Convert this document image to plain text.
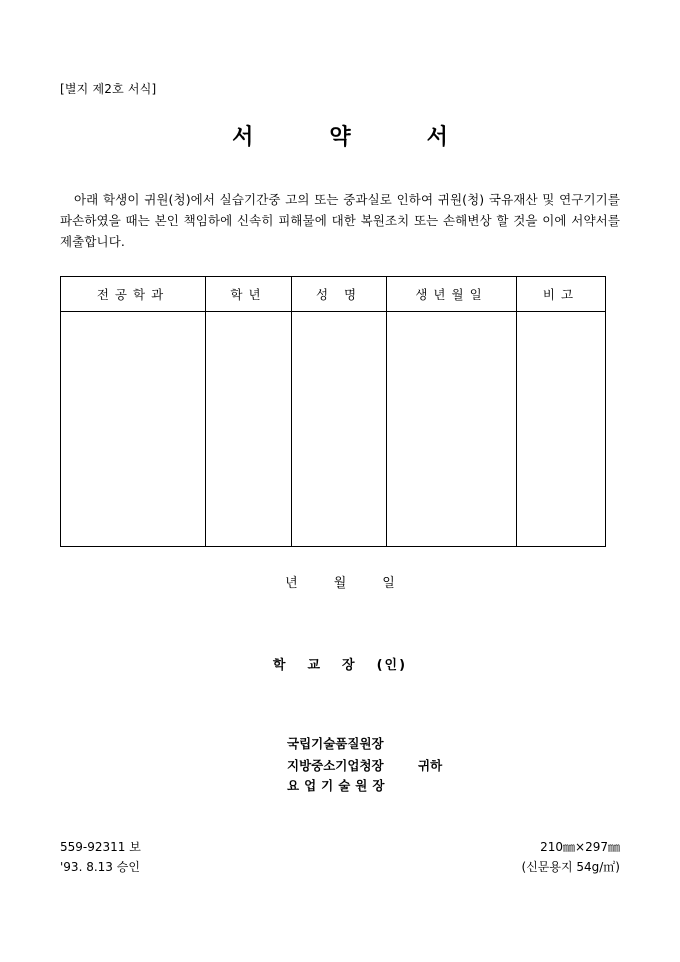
[별지 제2호 서식]
서	약	서
아래 학생이 귀원(청)에서 실습기간중 고의 또는 중과실로 인하여 귀원(청) 국유재산 및 연구기기를 파손하였을 때는 본인 책임하에 신속히 피해물에 대한 복원조치 또는 손해변상 할 것을 이에 서약서를 제출합니다.
전공학과	학년	성 명	생년월일	비고

년	월	일
학 교 장 (인)
국립기술품질원장
지방중소기업청장
요업기술원장
귀하
559-92311 보
'93. 8.13 승인
210㎜×297㎜
(신문용지 54g/㎡)
